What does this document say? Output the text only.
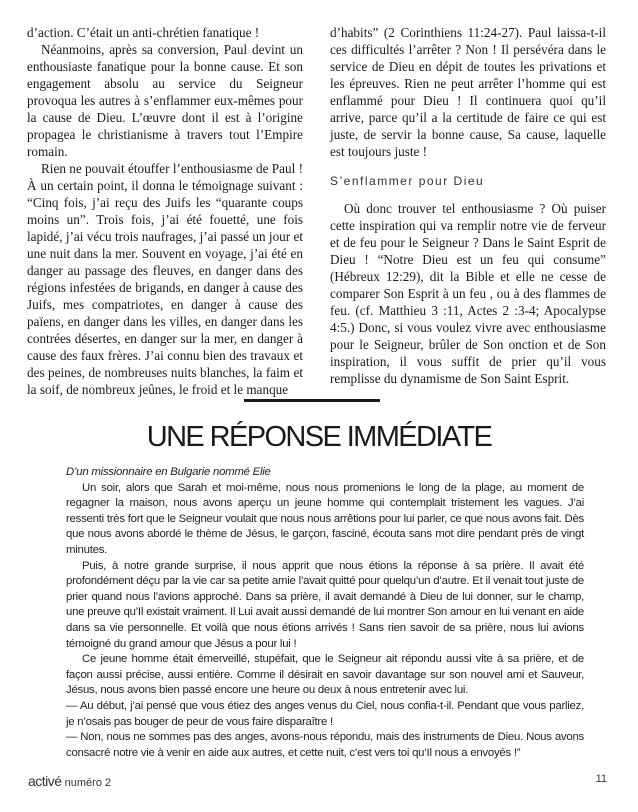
d’action. C’était un anti-chrétien fanatique !

Néanmoins, après sa conversion, Paul devint un enthousiaste fanatique pour la bonne cause. Et son engagement absolu au service du Seigneur provoqua les autres à s’enflammer eux-mêmes pour la cause de Dieu. L’œuvre dont il est à l’origine propagea le christianisme à travers tout l’Empire romain.

Rien ne pouvait étouffer l’enthousiasme de Paul ! À un certain point, il donna le témoignage suivant : “Cinq fois, j’ai reçu des Juifs les “quarante coups moins un”. Trois fois, j’ai été fouetté, une fois lapidé, j’ai vécu trois naufrages, j’ai passé un jour et une nuit dans la mer. Souvent en voyage, j’ai été en danger au passage des fleuves, en danger dans des régions infestées de brigands, en danger à cause des Juifs, mes compatriotes, en danger à cause des païens, en danger dans les villes, en danger dans les contrées désertes, en danger sur la mer, en danger à cause des faux frères. J’ai connu bien des travaux et des peines, de nombreuses nuits blanches, la faim et la soif, de nombreux jeûnes, le froid et le manque

d’habits” (2 Corinthiens 11:24-27). Paul laissa-t-il ces difficultés l’arrêter ? Non ! Il persévéra dans le service de Dieu en dépit de toutes les privations et les épreuves. Rien ne peut arrêter l’homme qui est enflammé pour Dieu ! Il continuera quoi qu’il arrive, parce qu’il a la certitude de faire ce qui est juste, de servir la bonne cause, Sa cause, laquelle est toujours juste !

S’enflammer pour Dieu

Où donc trouver tel enthousiasme ? Où puiser cette inspiration qui va remplir notre vie de ferveur et de feu pour le Seigneur ? Dans le Saint Esprit de Dieu ! “Notre Dieu est un feu qui consume” (Hébreux 12:29), dit la Bible et elle ne cesse de comparer Son Esprit à un feu , ou à des flammes de feu. (cf. Matthieu 3 :11, Actes 2 :3-4; Apocalypse 4:5.) Donc, si vous voulez vivre avec enthousiasme pour le Seigneur, brûler de Son onction et de Son inspiration, il vous suffit de prier qu’il vous remplisse du dynamisme de Son Saint Esprit.

UNE RÉPONSE IMMÉDIATE

D’un missionnaire en Bulgarie nommé Elie

Un soir, alors que Sarah et moi-même, nous nous promenions le long de la plage, au moment de regagner la maison, nous avons aperçu un jeune homme qui contemplait tristement les vagues. J’ai ressenti très fort que le Seigneur voulait que nous nous arrêtions pour lui parler, ce que nous avons fait. Dès que nous avons abordé le thème de Jésus, le garçon, fasciné, écouta sans mot dire pendant près de vingt minutes.

Puis, à notre grande surprise, il nous apprit que nous étions la réponse à sa prière. Il avait été profondément déçu par la vie car sa petite amie l’avait quitté pour quelqu’un d’autre. Et il venait tout juste de prier quand nous l’avions approché. Dans sa prière, il avait demandé à Dieu de lui donner, sur le champ, une preuve qu’Il existait vraiment. Il Lui avait aussi demandé de lui montrer Son amour en lui venant en aide dans sa vie personnelle. Et voilà que nous étions arrivés ! Sans rien savoir de sa prière, nous lui avions témoigné du grand amour que Jésus a pour lui !

Ce jeune homme était émerveillé, stupéfait, que le Seigneur ait répondu aussi vite à sa prière, et de façon aussi précise, aussi entière. Comme il désirait en savoir davantage sur son nouvel ami et Sauveur, Jésus, nous avons bien passé encore une heure ou deux à nous entretenir avec lui.

— Au début, j’ai pensé que vous étiez des anges venus du Ciel, nous confia-t-il. Pendant que vous parliez, je n’osais pas bouger de peur de vous faire disparaître !

— Non, nous ne sommes pas des anges, avons-nous répondu, mais des instruments de Dieu. Nous avons consacré notre vie à venir en aide aux autres, et cette nuit, c’est vers toi qu’Il nous a envoyés !”

activé numéro 2	11
